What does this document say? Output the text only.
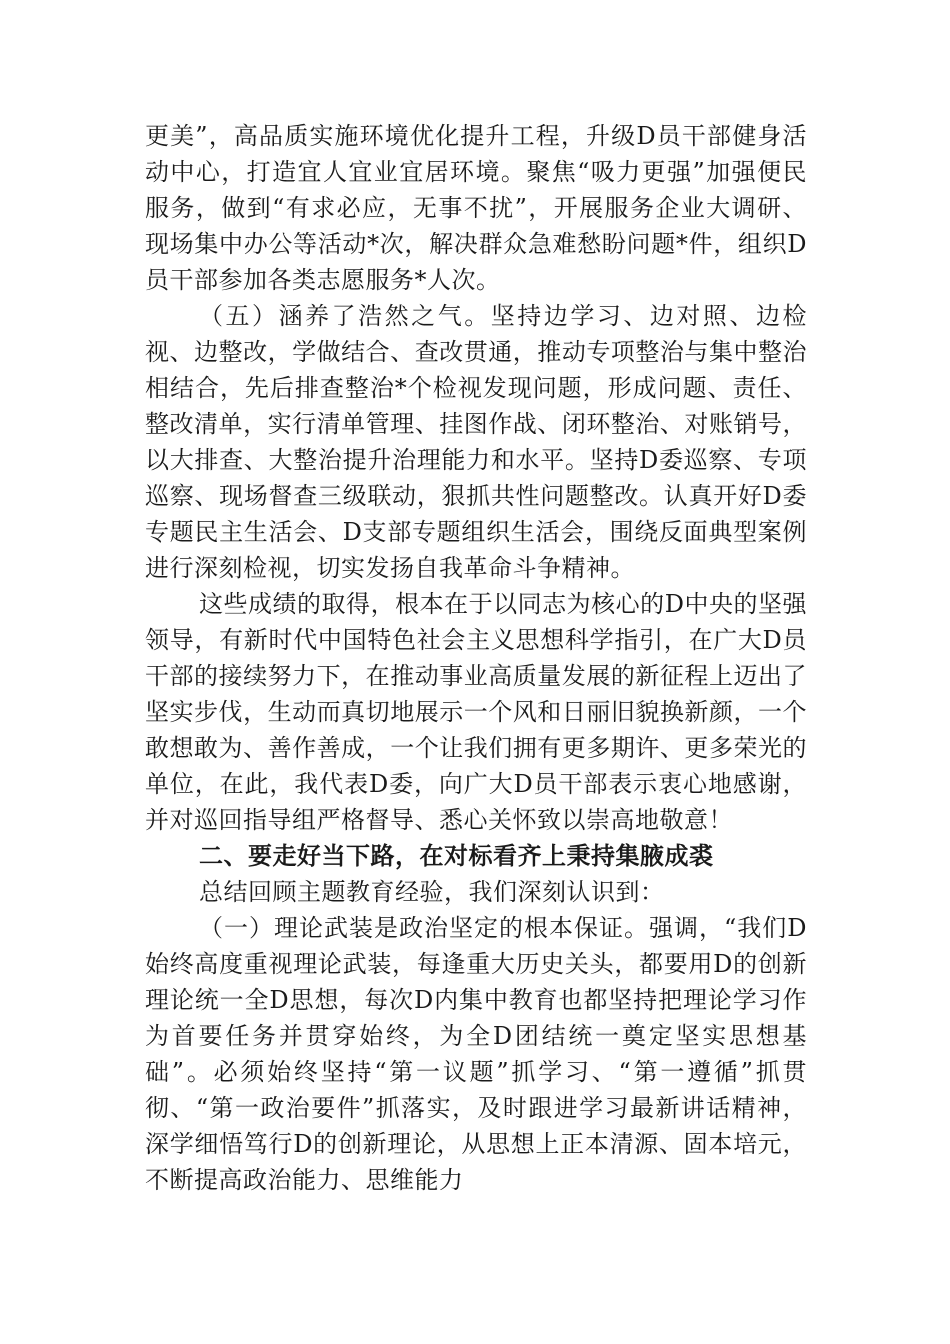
更美”，高品质实施环境优化提升工程，升级D员干部健身活动中心，打造宜人宜业宜居环境。聚焦“吸力更强”加强便民服务，做到“有求必应，无事不扰”，开展服务企业大调研、现场集中办公等活动*次，解决群众急难愁盼问题*件，组织D员干部参加各类志愿服务*人次。

（五）涵养了浩然之气。坚持边学习、边对照、边检视、边整改，学做结合、查改贯通，推动专项整治与集中整治相结合，先后排查整治*个检视发现问题，形成问题、责任、整改清单，实行清单管理、挂图作战、闭环整治、对账销号，以大排查、大整治提升治理能力和水平。坚持D委巡察、专项巡察、现场督查三级联动，狠抓共性问题整改。认真开好D委专题民主生活会、D支部专题组织生活会，围绕反面典型案例进行深刻检视，切实发扬自我革命斗争精神。

这些成绩的取得，根本在于以同志为核心的D中央的坚强领导，有新时代中国特色社会主义思想科学指引，在广大D员干部的接续努力下，在推动事业高质量发展的新征程上迈出了坚实步伐，生动而真切地展示一个风和日丽旧貌换新颜，一个敢想敢为、善作善成，一个让我们拥有更多期许、更多荣光的单位，在此，我代表D委，向广大D员干部表示衷心地感谢，并对巡回指导组严格督导、悉心关怀致以崇高地敬意！

二、要走好当下路，在对标看齐上秉持集腋成裘

总结回顾主题教育经验，我们深刻认识到：

（一）理论武装是政治坚定的根本保证。强调，“我们D始终高度重视理论武装，每逢重大历史关头，都要用D的创新理论统一全D思想，每次D内集中教育也都坚持把理论学习作为首要任务并贯穿始终，为全D团结统一奠定坚实思想基础”。必须始终坚持“第一议题”抓学习、“第一遵循”抓贯彻、“第一政治要件”抓落实，及时跟进学习最新讲话精神，深学细悟笃行D的创新理论，从思想上正本清源、固本培元，不断提高政治能力、思维能力
